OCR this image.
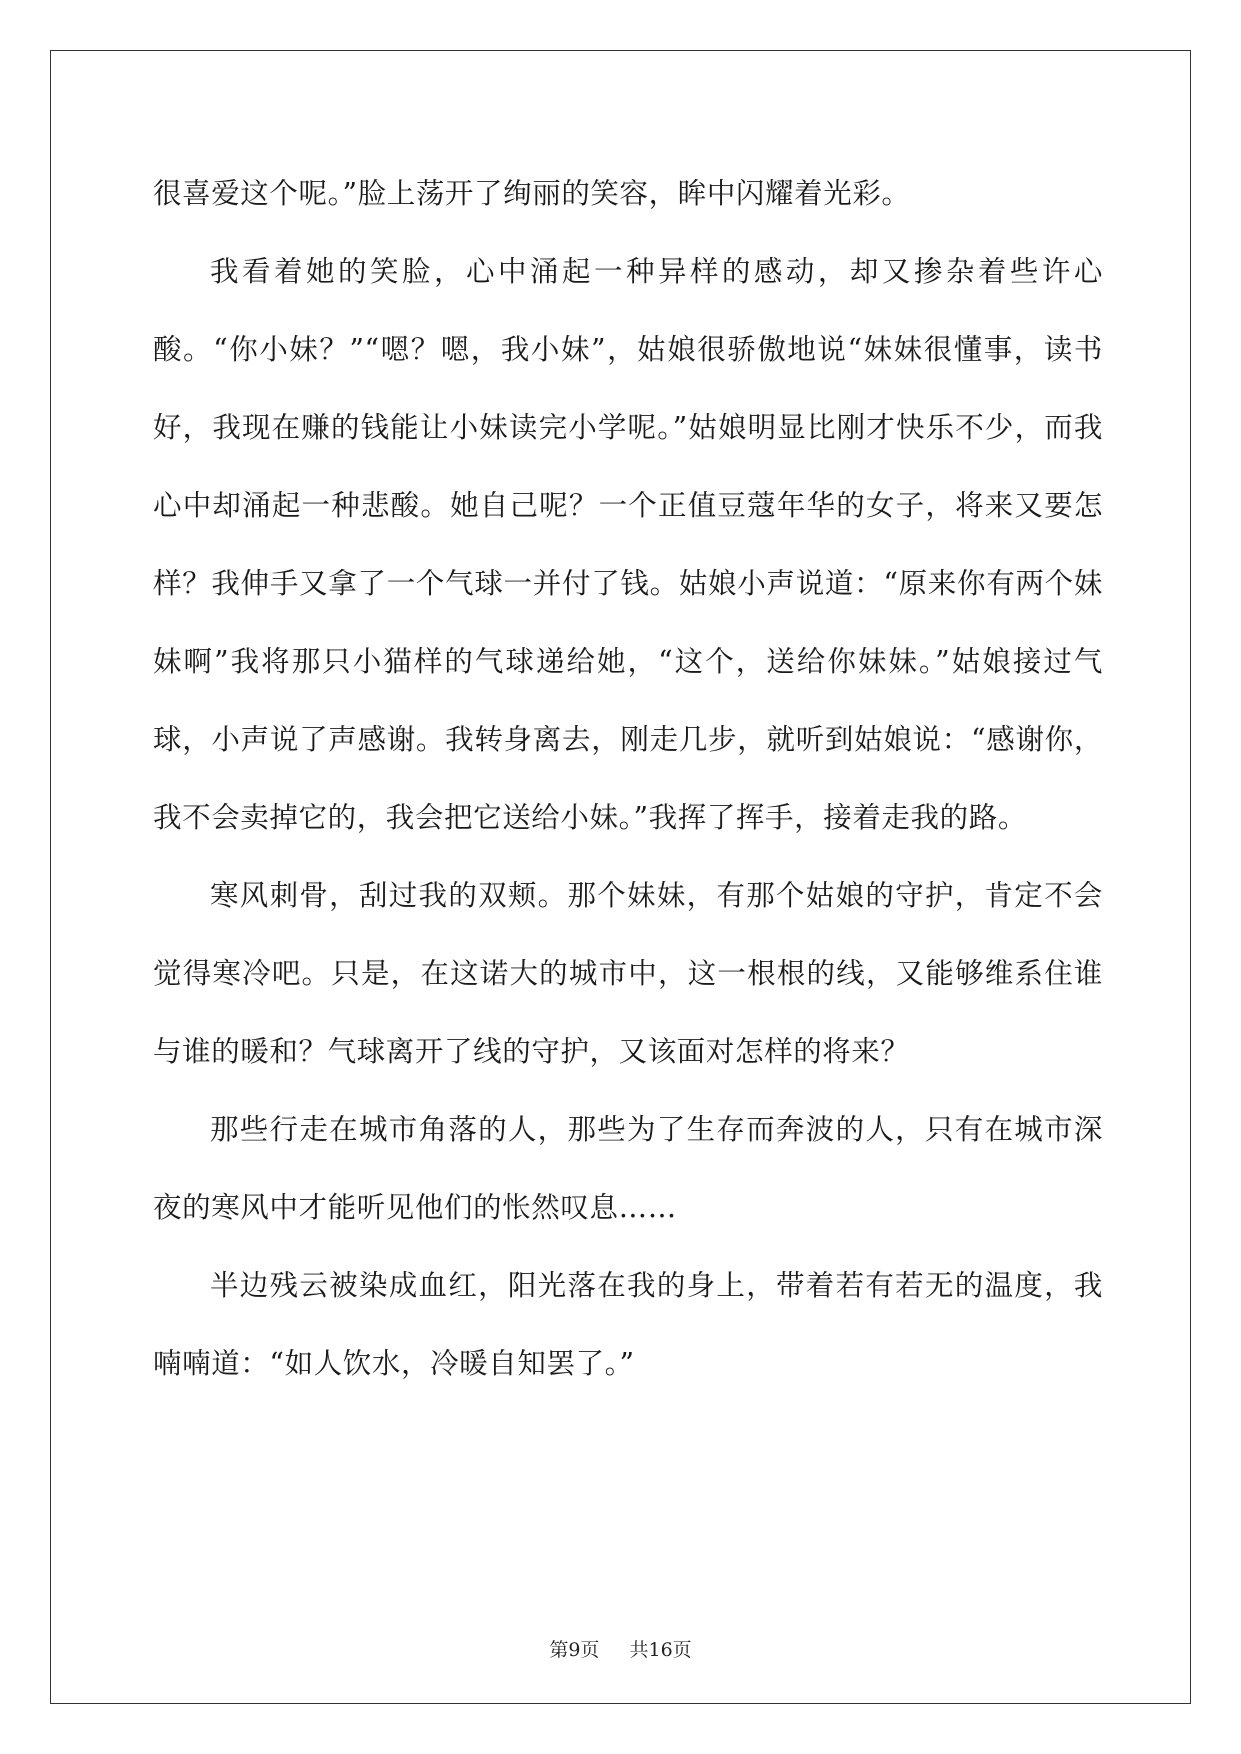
很喜爱这个呢。”脸上荡开了绚丽的笑容，眸中闪耀着光彩。

我看着她的笑脸，心中涌起一种异样的感动，却又掺杂着些许心酸。“你小妹？”“嗯？嗯，我小妹”，姑娘很骄傲地说“妹妹很懂事，读书好，我现在赚的钱能让小妹读完小学呢。”姑娘明显比刚才快乐不少，而我心中却涌起一种悲酸。她自己呢？一个正值豆蔻年华的女子，将来又要怎样？我伸手又拿了一个气球一并付了钱。姑娘小声说道：“原来你有两个妹妹啊”我将那只小猫样的气球递给她，“这个，送给你妹妹。”姑娘接过气球，小声说了声感谢。我转身离去，刚走几步，就听到姑娘说：“感谢你，我不会卖掉它的，我会把它送给小妹。”我挥了挥手，接着走我的路。

寒风刺骨，刮过我的双颊。那个妹妹，有那个姑娘的守护，肯定不会觉得寒冷吧。只是，在这诺大的城市中，这一根根的线，又能够维系住谁与谁的暖和？气球离开了线的守护，又该面对怎样的将来？

那些行走在城市角落的人，那些为了生存而奔波的人，只有在城市深夜的寒风中才能听见他们的怅然叹息……

半边残云被染成血红，阳光落在我的身上，带着若有若无的温度，我喃喃道：“如人饮水，冷暖自知罢了。”

第9页 共16页
